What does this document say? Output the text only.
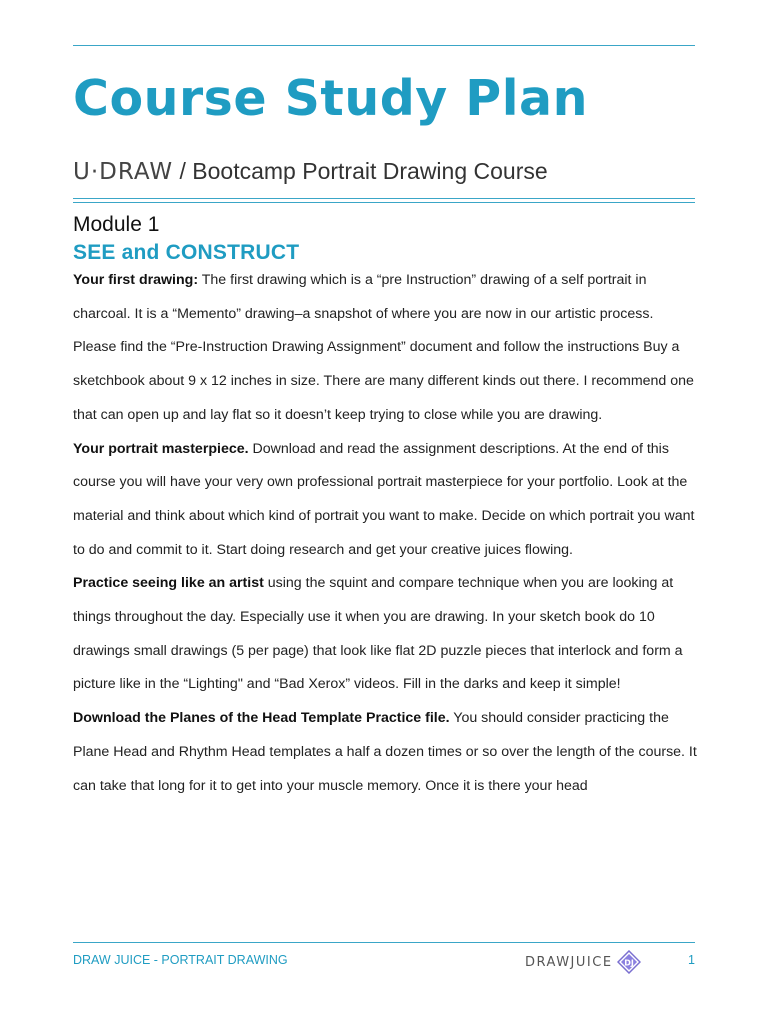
Course Study Plan
U·DRAW / Bootcamp Portrait Drawing Course
Module 1
SEE and CONSTRUCT

Your first drawing: The first drawing which is a “pre Instruction” drawing of a self portrait in charcoal. It is a “Memento” drawing–a snapshot of where you are now in our artistic process. Please find the “Pre-Instruction Drawing Assignment” document and follow the instructions Buy a sketchbook about 9 x 12 inches in size. There are many different kinds out there. I recommend one that can open up and lay flat so it doesn’t keep trying to close while you are drawing.

Your portrait masterpiece. Download and read the assignment descriptions. At the end of this course you will have your very own professional portrait masterpiece for your portfolio. Look at the material and think about which kind of portrait you want to make. Decide on which portrait you want to do and commit to it. Start doing research and get your creative juices flowing.

Practice seeing like an artist using the squint and compare technique when you are looking at things throughout the day. Especially use it when you are drawing. In your sketch book do 10 drawings small drawings (5 per page) that look like flat 2D puzzle pieces that interlock and form a picture like in the “Lighting" and “Bad Xerox” videos. Fill in the darks and keep it simple!

Download the Planes of the Head Template Practice file. You should consider practicing the Plane Head and Rhythm Head templates a half a dozen times or so over the length of the course. It can take that long for it to get into your muscle memory. Once it is there your head

DRAW JUICE - PORTRAIT DRAWING	DRAWJUICE DJ	1
